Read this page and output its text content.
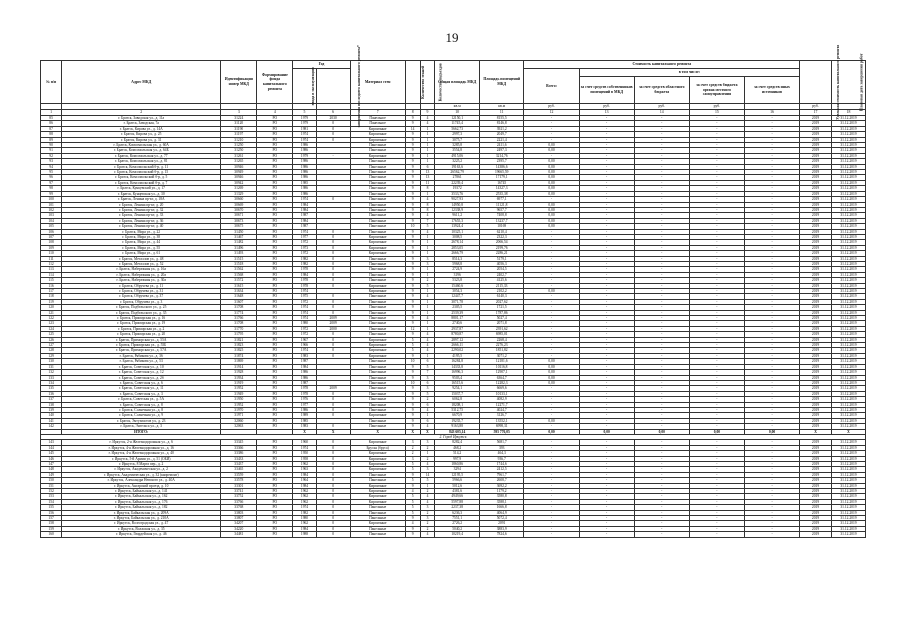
19
№ п/п	Адрес МКД	Идентификация номер МКД	Формирование фонда капитального ремонта	Год		Материал стен	Количество этажей	Количество подъездов	Общая площадь МКД	Площадь помещений МКД	Стоимость капитального ремонта					Удельная стоимость капитального ремонта	Плановая дата завершения работ
				ввода в эксплуатацию	завершения последнего капитального ремонта*						Всего:	в том числе:					
												за счет средств собственников помещений в МКД	за счет средств областного бюджета	за счет средств бюджета органа местного самоуправления	за счет средств иных источников		
									кв.м	кв.м	руб.	руб.	руб.	руб.		руб.	
1	2	3	4	5	6	7	8	9	10	11	12	13	14	15	16	17	18
85	г. Братск, Заводская ул., д. 11а	31224	РО	1979	2030	Панельное	9	4	12150,1	8155,5	-	-	-	-	-	2019	31.12.2019
86	г. Братск, Заводская, 7а	31120	РО	1979	0	Панельное	9	4	11745,4	8146,8	-	-	-	-	-	2019	31.12.2019
87	г. Братск, Кирова ул., д. 14А	31190	РО	1981	0	Кирпичные	14	1	5662,73	3921,2	-	-	-	-	-	2019	31.12.2019
88	г. Братск, Кирова ул., д. 25	31197	РО	1974	0	Кирпичные	9	1	2997,3	2049,7	-	-	-	-	-	2019	31.12.2019
89	г. Братск, Кирова ул., д. 31	31210	РО	1974	0	Кирпичные	9	1	3075,7	2221,4	-	-	-	-	-	2019	31.12.2019
90	г. Братск, Комсомольская ул., д. 60А	31250	РО	1986		Панельные	9	1	3285,8	2411,6	0,00	-	-	-	-	2019	31.12.2019
91	г. Братск, Комсомольская ул., д. 64Б	31250	РО	1986		Панельные	9	1	3554,8	2497,3	0,00	-	-	-	-	2019	31.12.2019
92	г. Братск, Комсомольская ул., д. 77	31261	РО	1979	-	Кирпичные	9	1	4915,06	3214,76	-	-	-	-	-	2019	31.12.2019
93	г. Братск, Комсомольская ул., д. 81	31265	РО	1986		Панельные	9	1	3225,2	2395,7	0,00	-	-	-	-	2019	31.12.2019
94	г. Братск, Комсомольский б-р, д. 11	30946	РО	1986		Панельные	9	6	19163,6	14386,6	0,00	-	-	-	-	2019	31.12.2019
95	г. Братск, Комсомольский б-р, д. 15	30949	РО	1986		Панельные	9	13	26562,79	19665,59	0,00	-	-	-	-	2019	31.12.2019
96	г. Братск, Комсомольский б-р, д. 5	30946	РО	1986		Панельные	9	13	27861	17179,1	0,00	-	-	-	-	2019	31.12.2019
97	г. Братск, Комсомольский б-р, д. 7	30942	РО	1985		Панельные	9	11	22239,4	16745	0,00	-	-	-	-	2019	31.12.2019
98	г. Братск, Кунцевский ул., д. 17	31269	РО	1986		Панельные	9	8	19372	14327,3	0,00	-	-	-	-	2019	31.12.2019
99	г. Братск, Кунцевская ул., д. 30	31329	РО	1986		Панельные	9	1	3533,76	2535,38	0,00	-	-	-	-	2019	31.12.2019
100	г. Братск, Ленина пр-кт, д. 18А	30660	РО	1974	0	Панельные	9	4	9027,93	6977,1	-	-	-	-	-	2019	31.12.2019
101	г. Братск, Ленина пр-кт, д. 20	30669	РО	1984		Панельные	9	8	14950,8	11121,8	0,00	-	-	-	-	2019	31.12.2019
102	г. Братск, Ленина пр-кт, д. 32	30670	РО	1984		Панельные	9	8	12338,9	9657,7	0,00	-	-	-	-	2019	31.12.2019
103	г. Братск, Ленина пр-кт, д. 33	30671	РО	1987		Панельные	9	4	9611,2	7408,8	0,00	-	-	-	-	2019	31.12.2019
104	г. Братск, Ленина пр-кт, д. 36	30673	РО	1984		Панельные	9	7	17655,3	13237,7	0,00	-	-	-	-	2019	31.12.2019
105	г. Братск, Ленина пр-кт, д. 40	30675	РО	1987		Панельные	10	5	13924,4	10169	0,00	-	-	-	-	2019	31.12.2019
106	г. Братск, Мира ул., д. 22	31450	РО	1974	0	Панельные	9	4	10325,1	6210,4	-	-	-	-	-	2019	31.12.2019
107	г. Братск, Мира ул., д. 38	31467	РО	1977	0	Кирпичные	9	1	3008,5	2322,3	-	-	-	-	-	2019	31.12.2019
108	г. Братск, Мира ул., д. 44	31482	РО	1972	0	Кирпичные	9	1	2678,14	2066,54	-	-	-	-	-	2019	31.12.2019
109	г. Братск, Мира ул., д. 55	31496	РО	1973	0	Кирпичные	9	1	2853,05	2199,76	-	-	-	-	-	2019	31.12.2019
110	г. Братск, Мира ул., д. 61	31493	РО	1972	0	Кирпичные	9	1	2666,79	2286,21	-	-	-	-	-	2019	31.12.2019
111	г. Братск, Металлов ул., д. 48	31515	РО	1982	0	Панельные	9	3	8514,3	5179,1	-	-	-	-	-	2019	31.12.2019
112	г. Братск, Металлов ул., д. 52	31518	РО	1982	0	Панельные	9	3	5968,8	4056,3	-	-	-	-	-	2019	31.12.2019
113	г. Братск, Набережная ул., д. 16а	31562	РО	1978	0	Панельные	9	1	2724,9	2054,5	-	-	-	-	-	2019	31.12.2019
114	г. Братск, Набережная ул., д. 20а	31568	РО	1984	0	Панельные	9	1	3196	2402,7	-	-	-	-	-	2019	31.12.2019
115	г. Братск, Набережная ул., д. 30а	31572	РО	1978	0	Панельные	9	2	5323,8	4125,6	-	-	-	-	-	2019	31.12.2019
116	г. Братск, Обручева ул., д. 11	31615	РО	1978	0	Кирпичные	9	5	15460,6	2115,33	-	-	-	-	-	2019	31.12.2019
117	г. Братск, Обручева ул., д. 31	31634	РО	1974		Кирпичные	9	1	3054,3	2102,2	0,00	-	-	-	-	2019	31.12.2019
118	г. Братск, Обручева ул., д. 37	31648	РО	1975	0	Панельные	9	4	12447,7	6140,3	-	-	-	-	-	2019	31.12.2019
119	г. Братск, Обручева ул., д. 3	31607	РО	1972	0	Панельные	9	1	3071,78	2027,62	-	-	-	-	-	2019	31.12.2019
120	г. Братск, Подбельского ул., д. 25	31708	РО	1974	0	Панельные	9	1	2305,5	1721,5	-	-	-	-	-	2019	31.12.2019
121	г. Братск, Подбельского ул., д. 35	31774	РО	1974	0	Панельные	9	1	2539,39	1787,86	-	-	-	-	-	2019	31.12.2019
122	г. Братск, Приморская ул., д. 16	31766	РО	1974	2009	Панельные	9	4	8801,17	5027,4	-	-	-	-	-	2019	31.12.2019
123	г. Братск, Приморская ул., д. 19	31708	РО	1980	2009	Панельные	9	1	2740,6	2071,8	-	-	-	-	-	2019	31.12.2019
124	г. Братск, Приморская ул., д. 2	31770	РО	1972	2000	Панельные	12	1	2937,87	2391,62	-	-	-	-	-	2019	31.12.2019
125	г. Братск, Приморская ул., д. 20	31795	РО	1972	0	Панельные	9	4	8780,87	6985,01	-	-	-	-	-	2019	31.12.2019
126	г. Братск, Приморская ул., д. 55А	31821	РО	1967	0	Кирпичные	5	4	2897,12	2268,4	-	-	-	-	-	2019	31.12.2019
127	г. Братск, Приморская ул., д. 55Б	31823	РО	1966	0	Кирпичные	5	4	2666,11	2276,23	-	-	-	-	-	2019	31.12.2019
128	г. Братск, Приморская ул., д. 57А	31825	РО	1974	0	Кирпичные	5	4	2290,02	1851,82	-	-	-	-	-	2019	31.12.2019
129	г. Братск, Рябикова ул., д. 36	31874	РО	1983	0	Кирпичные	9	1	4195,5	3071,2	-	-	-	-	-	2019	31.12.2019
130	г. Братск, Рябикова ул., д. 53	31869	РО	1987		Панельные	10	6	16284,8	12181,6	0,00	-	-	-	-	2019	31.12.2019
131	г. Братск, Советская ул., д. 10	31914	РО	1984		Панельные	9	5	14333,8	10116,8	0,00	-	-	-	-	2019	31.12.2019
132	г. Братск, Советская ул., д. 12	31928	РО	1986		Панельные	9	7	16996,3	12907,1	0,00	-	-	-	-	2019	31.12.2019
133	г. Братск, Советская ул., д. 2б	31934	РО	1986		Панельные	9	3	9503,4	6364,7	0,00	-	-	-	-	2019	31.12.2019
134	г. Братск, Советская ул., д. 6	31919	РО	1987		Панельные	10	6	16515,6	12282,3	0,00	-	-	-	-	2019	31.12.2019
135	г. Братск, Советская ул., д. 11	31952	РО	1978	2009	Панельные	9	3	9254,1	6669,6	-	-	-	-	-	2019	31.12.2019
136	г. Братск, Советская ул., д. 3	31949	РО	1978	0	Панельные	9	5	15037,7	10133,1	-	-	-	-	-	2019	31.12.2019
137	г. Братск, Советская ул., д. 5А	31950	РО	1976	0	Панельные	9	2	6062,8	4082,9	-	-	-	-	-	2019	31.12.2019
138	г. Братск, Советская ул., д. 8	31952	РО	1977	0	Панельные	9	6	18208,1	12271,7	-	-	-	-	-	2019	31.12.2019
139	г. Братск, Солнечная ул., д. 8	31970	РО	1986	0	Панельные	9	4	5312,75	4024,7	-	-	-	-	-	2019	31.12.2019
140	г. Братск, Солнечная ул., д. 9	31971	РО	1989	0	Кирпичные	9	1	6670,9	3126,7	-	-	-	-	-	2019	31.12.2019
141	г. Братск, Энтузиастов ул., д. 23	32060	РО	1985		Панельные	9	6	19235,7	13552,1	0,00	-	-	-	-	2019	31.12.2019
142	г. Братск, Энгельса ул., д. 3	32063	РО	1983	0	Панельные	9	4	9163,88	6998,31	-	-	-	-	-	2019	31.12.2019
	ИТОГО:			X	X	X	X	X	843 605,14	595 776,05	0,00	0,00	0,00	0,00	0,00	X	X
2. Город Иркутск																	
143	г. Иркутск, 2-я Железнодорожная ул., д. 6	33345	РО	1960	0	Кирпичные	3	3	8282,4	5681,7	-	-	-	-	-	2019	31.12.2019
144	г. Иркутск, 4-я Железнодорожная ул., д. 16	33366	РО	1974	0	Брусья (бруса)	2	2	468,2	393	-	-	-	-	-	2019	31.12.2019
145	г. Иркутск, 4-я Железнодорожная ул., д. 40	33386	РО	1950	0	Кирпичные	2	1	514,2	464,3	-	-	-	-	-	2019	31.12.2019
146	г. Иркутск, 5-й Армии ул., д. 51 (ОБИ)	33433	РО	1958	0	Кирпичные	3	2	997,9	936,7	-	-	-	-	-	2019	31.12.2019
147	г. Иркутск, 8 Марта пер., д. 2	33437	РО	1962	0	Кирпичные	5	4	1860,86	1744,6	-	-	-	-	-	2019	31.12.2019
148	г. Иркутск, Академическая ул., д. 2	33465	РО	1963	0	Кирпичные	5	3	3294	2412,5	-	-	-	-	-	2019	31.12.2019
149	г. Иркутск, Академическая ул., д. 32 (капремонт)	33559	РО	1984	0	Панельные	9	14	12195,5	7961,7	-	-	-	-	-	2019	31.12.2019
150	г. Иркутск, Александра Невского ул., д. 40А	33578	РО	1964	0	Панельные	5	5	5966,6	2608,7	-	-	-	-	-	2019	31.12.2019
151	г. Иркутск, Ангарский проезд, д. 10	33301	РО	1984	0	Кирпичные	9	1	5012,6	3692,2	-	-	-	-	-	2019	31.12.2019
152	г. Иркутск, Байкальская ул., д. 141	33741	РО	1962	0	Кирпичные	4	2	4381,6	1179,2	-	-	-	-	-	2019	31.12.2019
153	г. Иркутск, Байкальская ул., д. 162	33752	РО	1962	0	Кирпичные	5	4	4949,66	3580,8	-	-	-	-	-	2019	31.12.2019
154	г. Иркутск, Байкальская ул., д. 176	33766	РО	1962	0	Кирпичные	5	4	5597,88	3588,1	-	-	-	-	-	2019	31.12.2019
155	г. Иркутск, Байкальская ул., д. 182	33768	РО	1974	0	Панельные	5	3	2237,38	1666,8	-	-	-	-	-	2019	31.12.2019
156	г. Иркутск, Байкальская ул., д. 209А	33803	РО	1982	0	Панельные	5	2	6236,3	4064,9	-	-	-	-	-	2019	31.12.2019
157	г. Иркутск, Байкальская ул., д. 210А	33807	РО	1980	0	Панельные	9	3	7551,1	5072,4	-	-	-	-	-	2019	31.12.2019
158	г. Иркутск, Волгоградская ул., д. 47	34207	РО	1962	0	Кирпичные	4	2	2726,2	2091	-	-	-	-	-	2019	31.12.2019
159	г. Иркутск, Волжская ул., д. 35	34220	РО	1984	0	Панельные	9	2	5040,2	3883,9	-	-	-	-	-	2019	31.12.2019
160	г. Иркутск, Гвардейская ул., д. 46	34481	РО	1988	0	Панельные	9	4	10219,4	7824,6	-	-	-	-	-	2019	31.12.2019
